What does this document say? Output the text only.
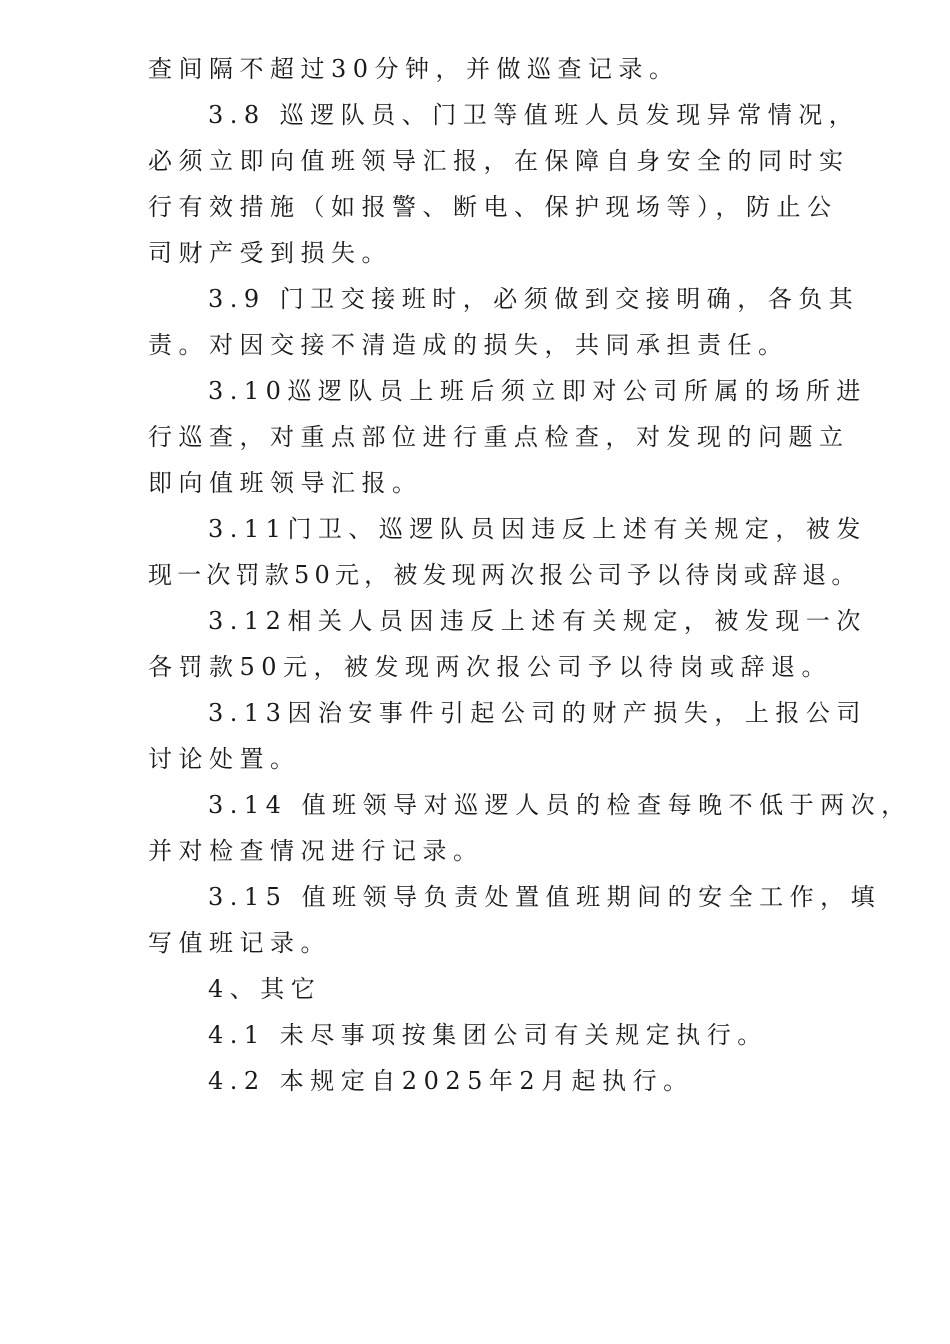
查间隔不超过30分钟，并做巡查记录。
3.8 巡逻队员、门卫等值班人员发现异常情况，
必须立即向值班领导汇报，在保障自身安全的同时实
行有效措施（如报警、断电、保护现场等），防止公
司财产受到损失。
3.9 门卫交接班时，必须做到交接明确，各负其
责。对因交接不清造成的损失，共同承担责任。
3.10巡逻队员上班后须立即对公司所属的场所进
行巡查，对重点部位进行重点检查，对发现的问题立
即向值班领导汇报。
3.11门卫、巡逻队员因违反上述有关规定，被发
现一次罚款50元，被发现两次报公司予以待岗或辞退。
3.12相关人员因违反上述有关规定，被发现一次
各罚款50元，被发现两次报公司予以待岗或辞退。
3.13因治安事件引起公司的财产损失，上报公司
讨论处置。
3.14 值班领导对巡逻人员的检查每晚不低于两次，
并对检查情况进行记录。
3.15 值班领导负责处置值班期间的安全工作，填
写值班记录。
4、其它
4.1 未尽事项按集团公司有关规定执行。
4.2 本规定自2025年2月起执行。
